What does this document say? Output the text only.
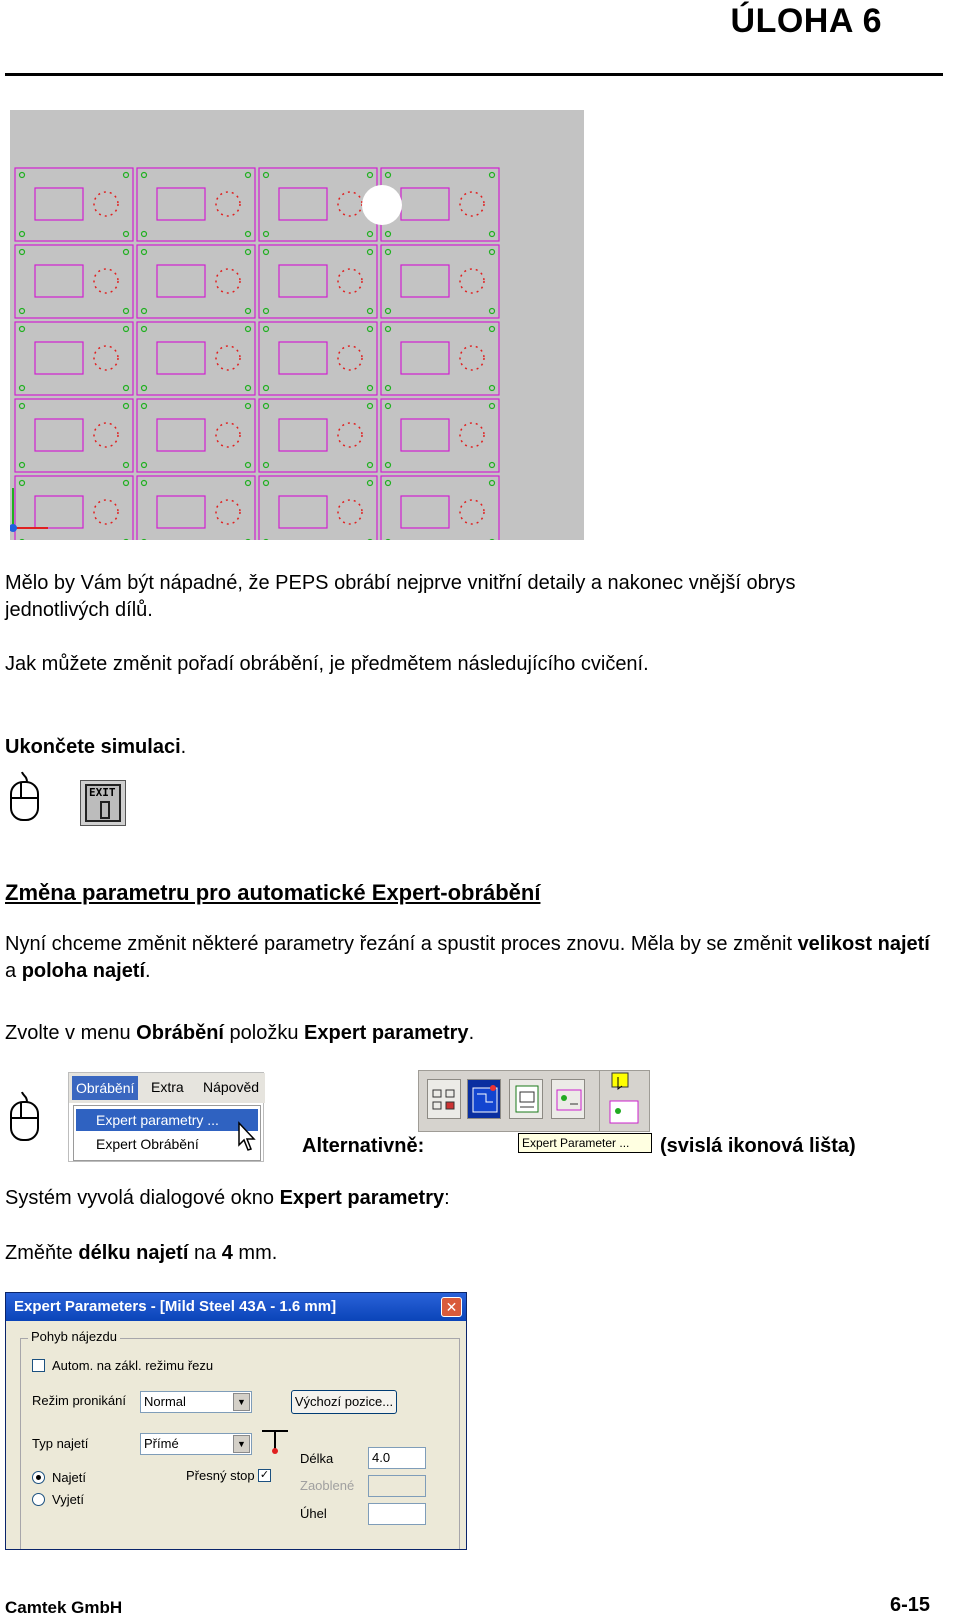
ÚLOHA 6
Mělo by Vám být nápadné, že PEPS obrábí nejprve vnitřní detaily a nakonec vnější obrys jednotlivých dílů.
Jak můžete změnit pořadí obrábění, je předmětem následujícího cvičení.
Ukončete simulaci.
EXIT
Změna parametru pro automatické Expert-obrábění
Nyní chceme změnit některé parametry řezání a spustit proces znovu. Měla by se změnit velikost najetí a poloha najetí.
Zvolte v menu Obrábění položku Expert parametry.
Obrábění Extra Nápověd
Expert parametry ...
Expert Obrábění	Alternativně:	Expert Parameter ...	(svislá ikonová lišta)
Systém vyvolá dialogové okno Expert parametry:
Změňte délku najetí na 4 mm.
Expert Parameters - [Mild Steel 43A - 1.6 mm]	✕
Pohyb nájezdu
Autom. na zákl. režimu řezu
Režim pronikání	Normal	▼	Výchozí pozice...
Typ najetí	Přímé	▼
Přesný stop ✓
Najetí
Vyjetí
Délka	4.0
Zaoblené
Úhel
Camtek GmbH	6-15
